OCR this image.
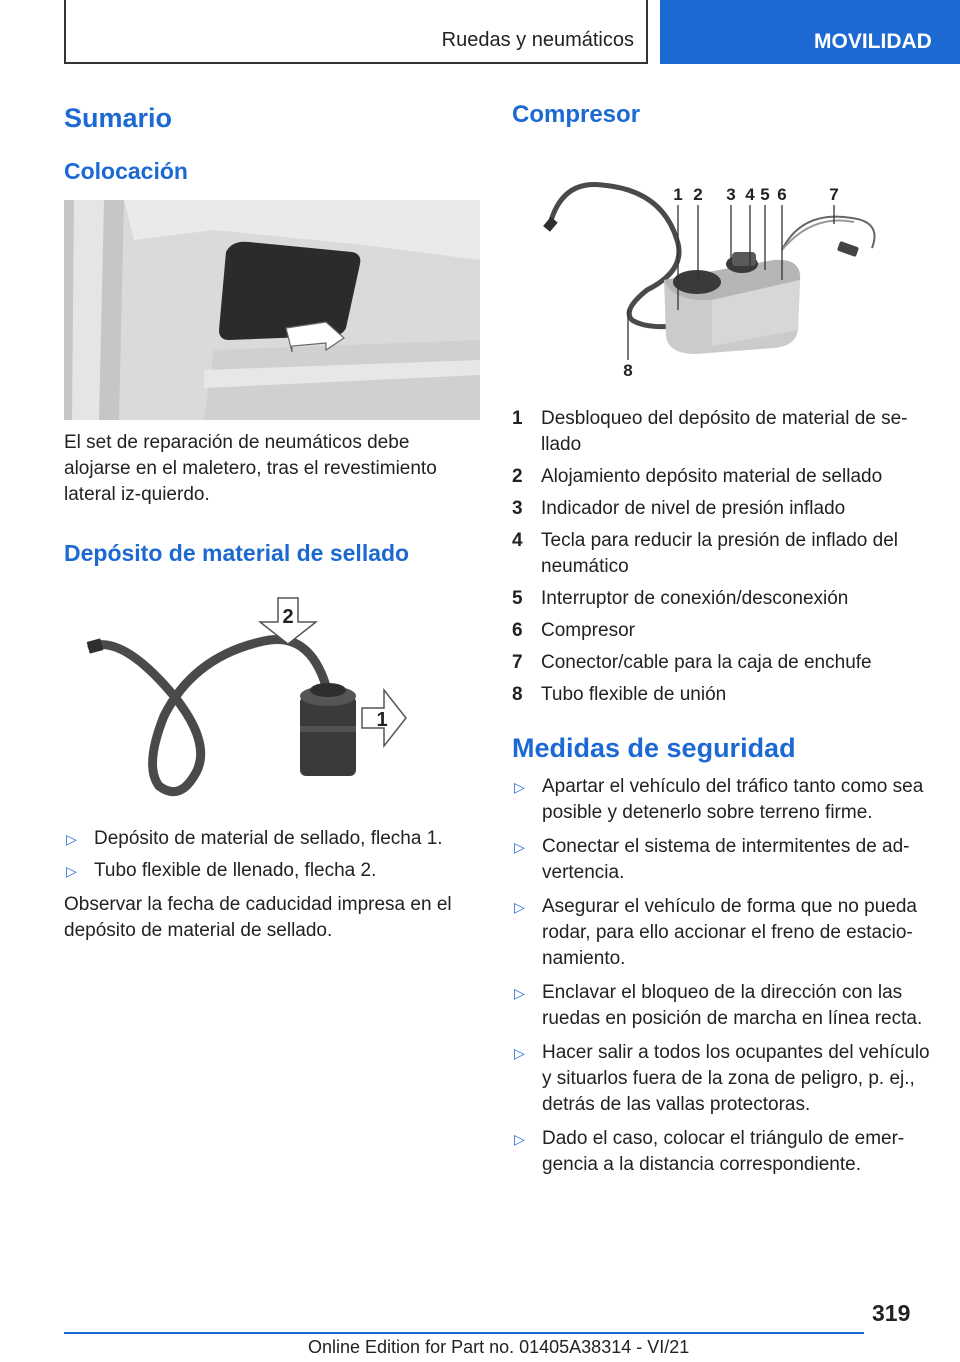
Ruedas y neumáticos	MOVILIDAD
Sumario
Colocación

El set de reparación de neumáticos debe alojarse en el maletero, tras el revestimiento lateral iz-quierdo.

Depósito de material de sellado
2
1
▷ Depósito de material de sellado, flecha 1.
▷ Tubo flexible de llenado, flecha 2.

Observar la fecha de caducidad impresa en el depósito de material de sellado.

Compresor
1 2 3 4 5 6	7
8
1 Desbloqueo del depósito de material de se-llado
2 Alojamiento depósito material de sellado
3 Indicador de nivel de presión inflado
4 Tecla para reducir la presión de inflado del neumático
5 Interruptor de conexión/desconexión
6 Compresor
7 Conector/cable para la caja de enchufe
8 Tubo flexible de unión
Medidas de seguridad
▷ Apartar el vehículo del tráfico tanto como sea posible y detenerlo sobre terreno firme.
▷ Conectar el sistema de intermitentes de ad-vertencia.
▷ Asegurar el vehículo de forma que no pueda rodar, para ello accionar el freno de estacio-namiento.
▷ Enclavar el bloqueo de la dirección con las ruedas en posición de marcha en línea recta.
▷ Hacer salir a todos los ocupantes del vehículo y situarlos fuera de la zona de peligro, p. ej., detrás de las vallas protectoras.
▷ Dado el caso, colocar el triángulo de emer-gencia a la distancia correspondiente.
319
Online Edition for Part no. 01405A38314 - VI/21
